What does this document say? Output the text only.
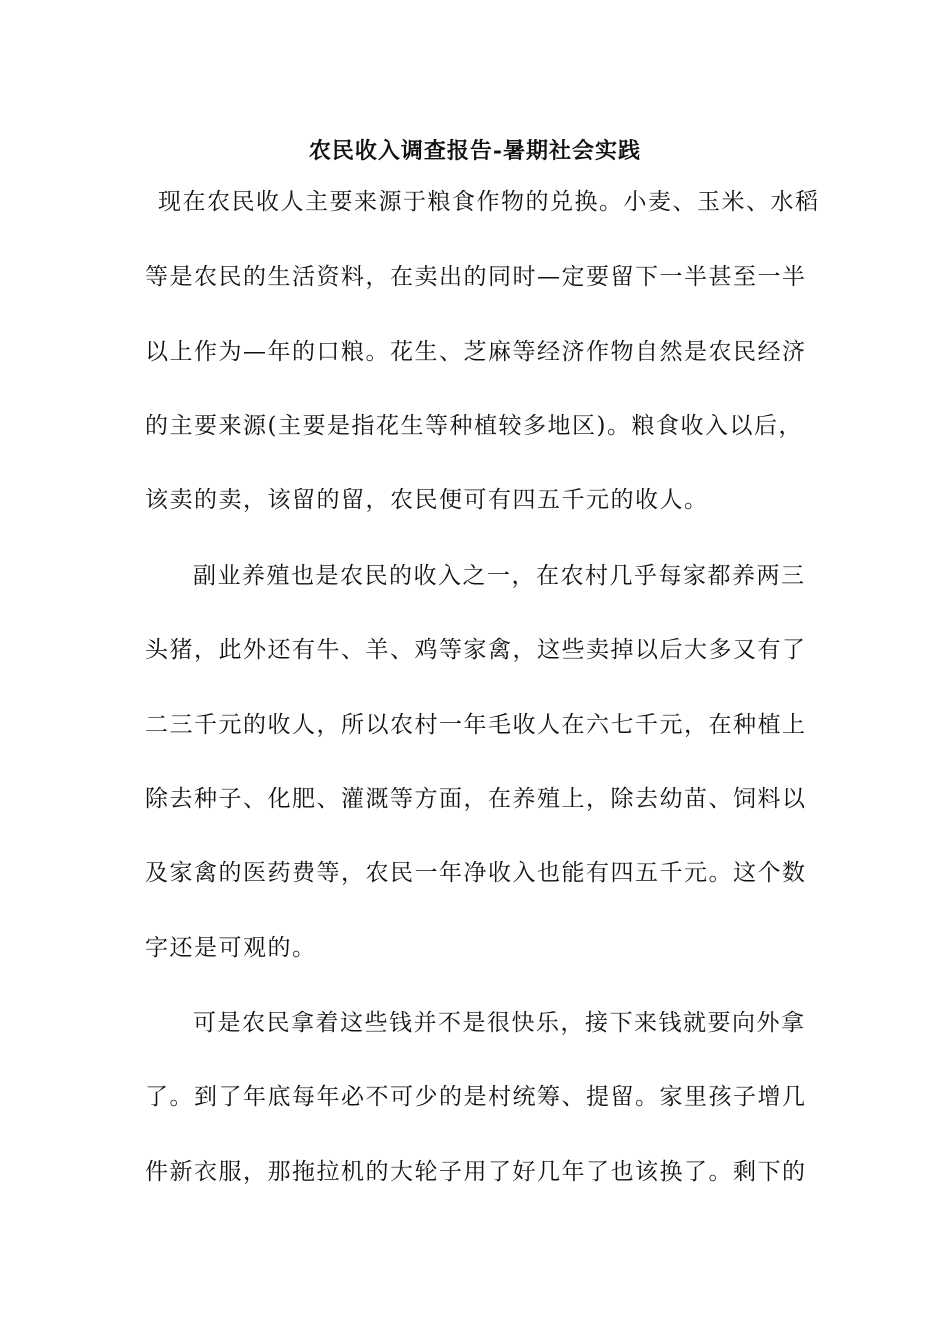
农民收入调查报告-暑期社会实践
现在农民收人主要来源于粮食作物的兑换。小麦、玉米、水稻
等是农民的生活资料，在卖出的同时—定要留下一半甚至一半
以上作为—年的口粮。花生、芝麻等经济作物自然是农民经济
的主要来源(主要是指花生等种植较多地区)。粮食收入以后，
该卖的卖，该留的留，农民便可有四五千元的收人。
副业养殖也是农民的收入之一，在农村几乎每家都养两三
头猪，此外还有牛、羊、鸡等家禽，这些卖掉以后大多又有了
二三千元的收人，所以农村一年毛收人在六七千元，在种植上
除去种子、化肥、灌溉等方面，在养殖上，除去幼苗、饲料以
及家禽的医药费等，农民一年净收入也能有四五千元。这个数
字还是可观的。
可是农民拿着这些钱并不是很快乐，接下来钱就要向外拿
了。到了年底每年必不可少的是村统筹、提留。家里孩子增几
件新衣服，那拖拉机的大轮子用了好几年了也该换了。剩下的
